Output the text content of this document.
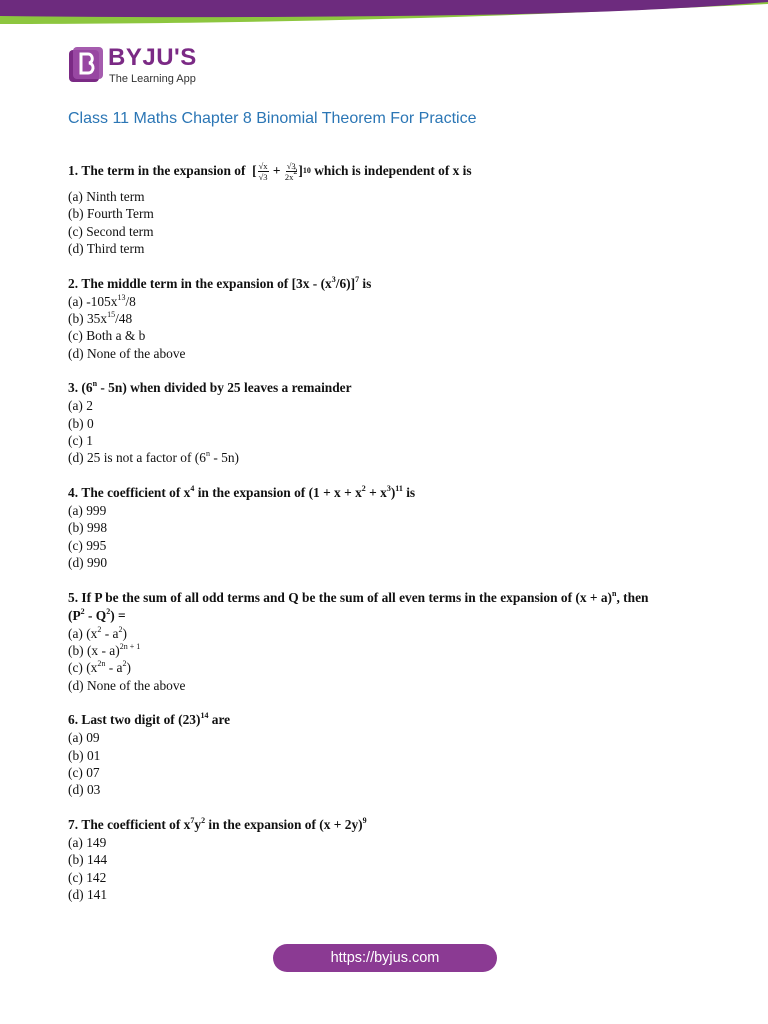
BYJU'S
The Learning App
Class 11 Maths Chapter 8 Binomial Theorem For Practice
1.
The term in the expansion of
[ $\frac{√x}{√3}$
+
$\frac{√3}{2x^2}$ ] 10
which is independent of x is
(a) Ninth term
(b) Fourth Term
(c) Second term
(d) Third term
2. The middle term in the expansion of $[3x - (x^3/6)]^7$ is
(a) $-105x^{13}/8$
(b) $35x^{15}/48$
(c) Both a & b
(d) None of the above
3. (6$^n$ - 5n) when divided by 25 leaves a remainder
(a) 2
(b) 0
(c) 1
(d) 25 is not a factor of (6$^n$ - 5n)
4. The coefficient of $x^4$ in the expansion of $(1 + x + x^2 + x^3)^{11}$ is
(a) 999
(b) 998
(c) 995
(d) 990
5. If P be the sum of all odd terms and Q be the sum of all even terms in the expansion of $(x + a)^n$, then
$(P^2 - Q^2)$ =
(a) $(x^2 - a^2)$
(b) (x - a)$^{2n + 1}$
(c) $(x^{2n} - a^2)$
(d) None of the above
6. Last two digit of $(23)^{14}$ are
(a) 09
(b) 01
(c) 07
(d) 03
7. The coefficient of $x^7y^2$ in the expansion of $(x + 2y)^9$
(a) 149
(b) 144
(c) 142
(d) 141
https://byjus.com
